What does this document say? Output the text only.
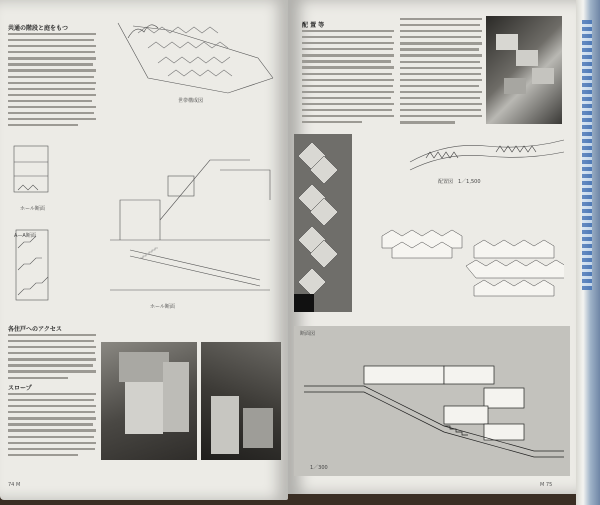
共通の階段と庭をもつ
世帯構成図
ホール断面
A—A断面
ホール断面
各住戸へのアクセス
スロープ
74 M
配 置 等
配置図　1／1,500
断面図
1／300
M 75
